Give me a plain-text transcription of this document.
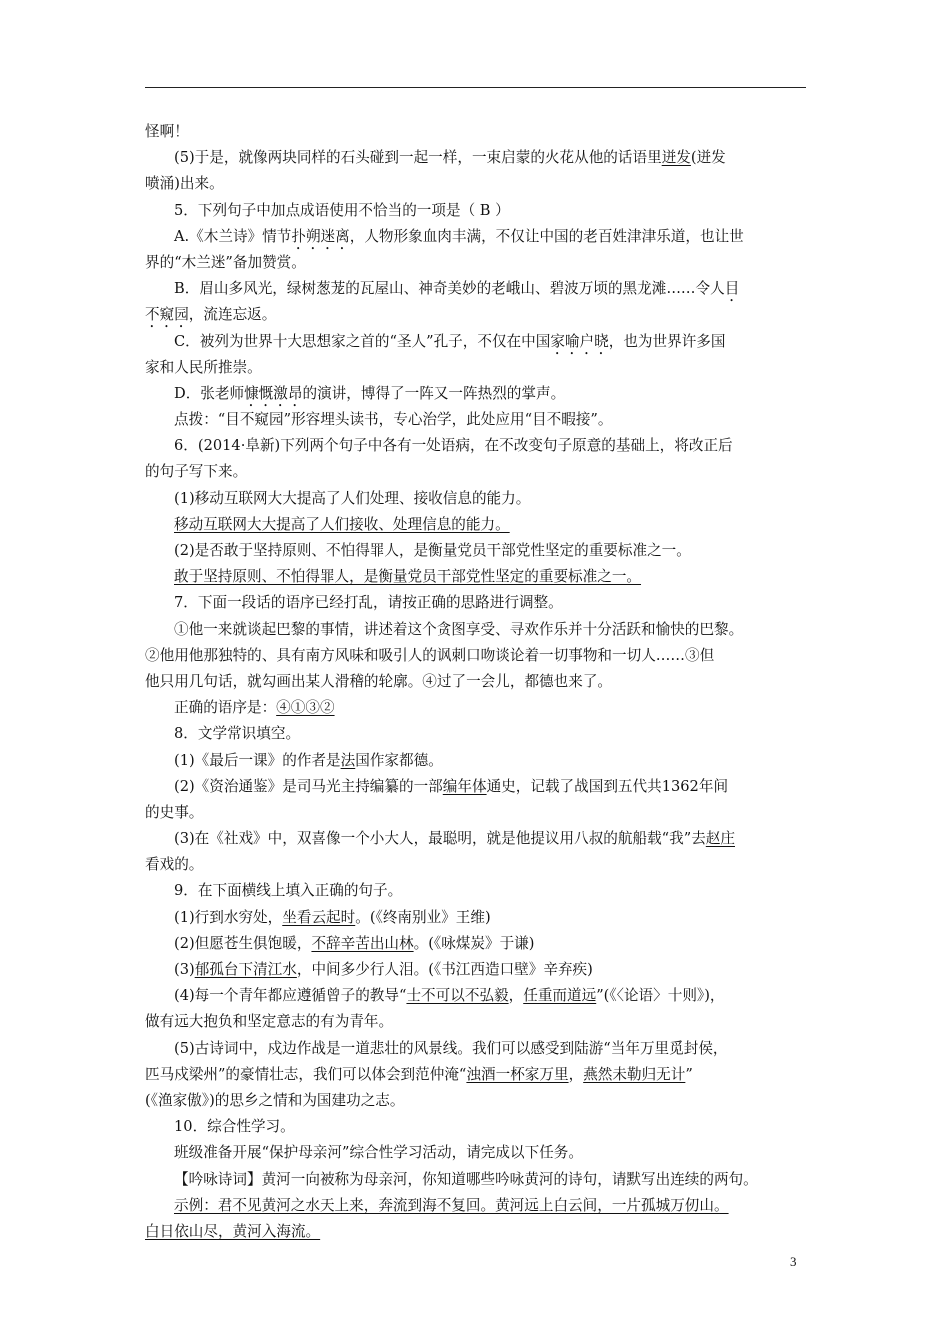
怪啊！
(5)于是，就像两块同样的石头碰到一起一样，一束启蒙的火花从他的话语里迸发(迸发
喷涌)出来。
5．下列句子中加点成语使用不恰当的一项是（ B ）
A.《木兰诗》情节扑朔迷离，人物形象血肉丰满，不仅让中国的老百姓津津乐道，也让世
界的“木兰迷”备加赞赏。
B．眉山多风光，绿树葱茏的瓦屋山、神奇美妙的老峨山、碧波万顷的黑龙滩……令人目
不窥园，流连忘返。
C．被列为世界十大思想家之首的“圣人”孔子，不仅在中国家喻户晓，也为世界许多国
家和人民所推崇。
D．张老师慷慨激昂的演讲，博得了一阵又一阵热烈的掌声。
点拨：“目不窥园”形容埋头读书，专心治学，此处应用“目不暇接”。
6．(2014·阜新)下列两个句子中各有一处语病，在不改变句子原意的基础上，将改正后
的句子写下来。
(1)移动互联网大大提高了人们处理、接收信息的能力。
移动互联网大大提高了人们接收、处理信息的能力。
(2)是否敢于坚持原则、不怕得罪人，是衡量党员干部党性坚定的重要标准之一。
敢于坚持原则、不怕得罪人，是衡量党员干部党性坚定的重要标准之一。
7．下面一段话的语序已经打乱，请按正确的思路进行调整。
①他一来就谈起巴黎的事情，讲述着这个贪图享受、寻欢作乐并十分活跃和愉快的巴黎。
②他用他那独特的、具有南方风味和吸引人的讽刺口吻谈论着一切事物和一切人……③但
他只用几句话，就勾画出某人滑稽的轮廓。④过了一会儿，都德也来了。
正确的语序是：④①③②
8．文学常识填空。
(1)《最后一课》的作者是法国作家都德。
(2)《资治通鉴》是司马光主持编纂的一部编年体通史，记载了战国到五代共1362年间
的史事。
(3)在《社戏》中，双喜像一个小大人，最聪明，就是他提议用八叔的航船载“我”去赵庄
看戏的。
9．在下面横线上填入正确的句子。
(1)行到水穷处，坐看云起时。(《终南别业》王维)
(2)但愿苍生俱饱暖，不辞辛苦出山林。(《咏煤炭》于谦)
(3)郁孤台下清江水，中间多少行人泪。(《书江西造口壁》辛弃疾)
(4)每一个青年都应遵循曾子的教导“士不可以不弘毅，任重而道远”(《〈论语〉十则》)，
做有远大抱负和坚定意志的有为青年。
(5)古诗词中，戍边作战是一道悲壮的风景线。我们可以感受到陆游“当年万里觅封侯，
匹马戍梁州”的豪情壮志，我们可以体会到范仲淹“浊酒一杯家万里，燕然未勒归无计”
(《渔家傲》)的思乡之情和为国建功之志。
10．综合性学习。
班级准备开展“保护母亲河”综合性学习活动，请完成以下任务。
【吟咏诗词】黄河一向被称为母亲河，你知道哪些吟咏黄河的诗句，请默写出连续的两句。
示例：君不见黄河之水天上来，奔流到海不复回。黄河远上白云间，一片孤城万仞山。
白日依山尽，黄河入海流。
3
